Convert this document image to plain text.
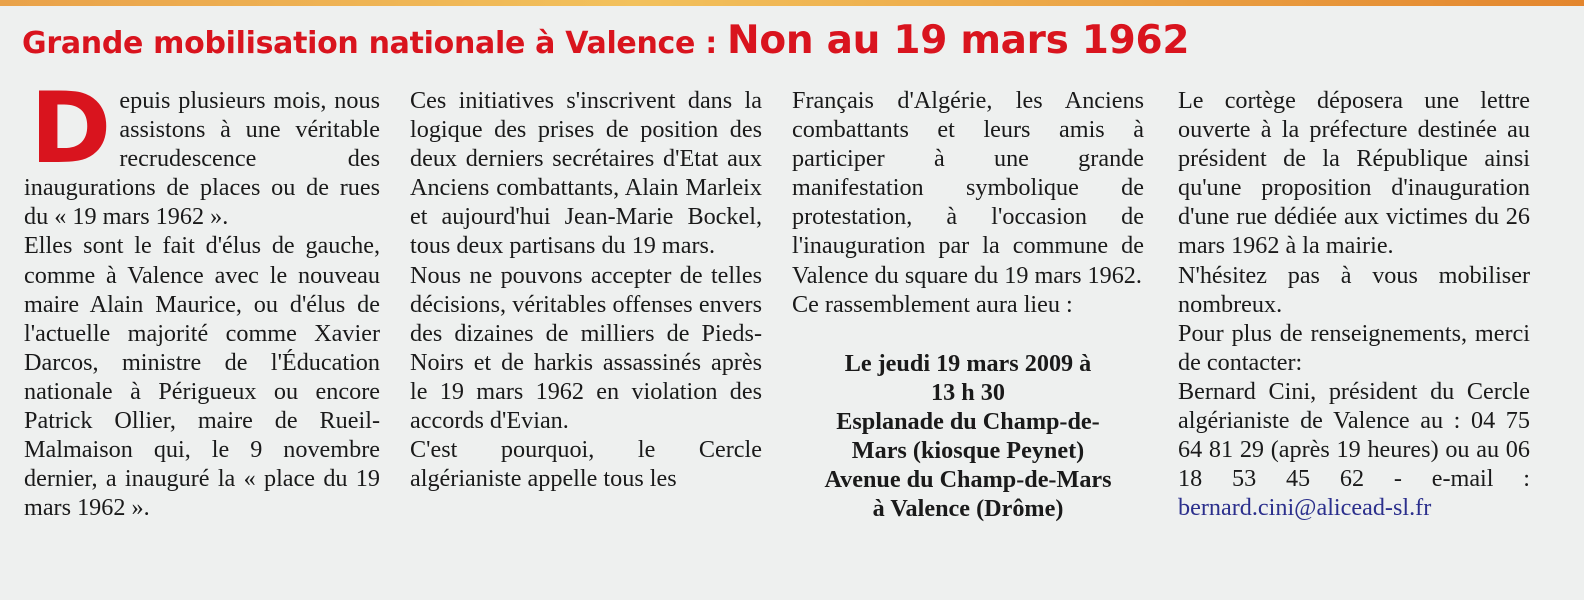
Grande mobilisation nationale à Valence : Non au 19 mars 1962
D epuis plusieurs mois, nous assistons à une véritable recrudescence des inaugurations de places ou de rues du « 19 mars 1962 ».

Elles sont le fait d'élus de gauche, comme à Valence avec le nouveau maire Alain Maurice, ou d'élus de l'actuelle majorité comme Xavier Darcos, ministre de l'Éducation nationale à Périgueux ou encore Patrick Ollier, maire de Rueil-Malmaison qui, le 9 novembre dernier, a inauguré la « place du 19 mars 1962 ».

Ces initiatives s'inscrivent dans la logique des prises de position des deux derniers secrétaires d'Etat aux Anciens combattants, Alain Marleix et aujourd'hui Jean-Marie Bockel, tous deux partisans du 19 mars.

Nous ne pouvons accepter de telles décisions, véritables offenses envers des dizaines de milliers de Pieds-Noirs et de harkis assassinés après le 19 mars 1962 en violation des accords d'Evian.

C'est pourquoi, le Cercle algérianiste appelle tous les

Français d'Algérie, les Anciens combattants et leurs amis à participer à une grande manifestation symbolique de protestation, à l'occasion de l'inauguration par la commune de Valence du square du 19 mars 1962.

Ce rassemblement aura lieu :

Le jeudi 19 mars 2009 à

13 h 30

Esplanade du Champ-de-

Mars (kiosque Peynet)

Avenue du Champ-de-Mars

à Valence (Drôme)

Le cortège déposera une lettre ouverte à la préfecture destinée au président de la République ainsi qu'une proposition d'inauguration d'une rue dédiée aux victimes du 26 mars 1962 à la mairie.

N'hésitez pas à vous mobiliser nombreux.

Pour plus de renseignements, merci de contacter:

Bernard Cini, président du Cercle algérianiste de Valence au : 04 75 64 81 29 (après 19 heures) ou au 06 18 53 45 62 - e-mail : bernard.cini@alicead-sl.fr
